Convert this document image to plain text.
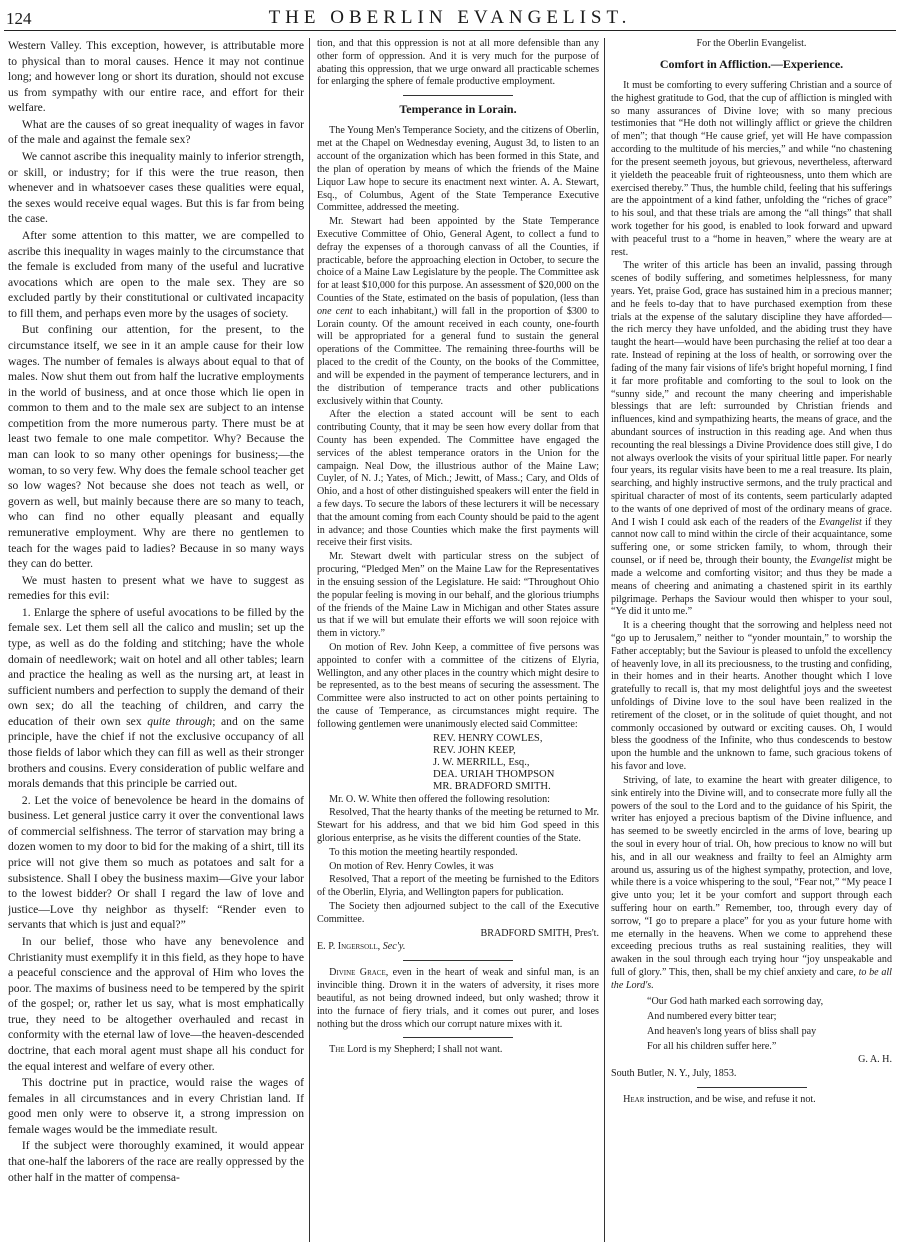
124	THE OBERLIN EVANGELIST.

Western Valley. This exception, however, is attributable more to physical than to moral causes. Hence it may not continue long; and however long or short its duration, should not excuse us from sympathy with our entire race, and effort for their welfare.

What are the causes of so great inequality of wages in favor of the male and against the female sex?

We cannot ascribe this inequality mainly to inferior strength, or skill, or industry; for if this were the true reason, then whenever and in whatsoever cases these qualities were equal, the sexes would receive equal wages. But this is far from being the case.

After some attention to this matter, we are compelled to ascribe this inequality in wages mainly to the circumstance that the female is excluded from many of the useful and lucrative avocations which are open to the male sex. They are so excluded partly by their constitutional or cultivated incapacity to fill them, and perhaps even more by the usages of society.

But confining our attention, for the present, to the circumstance itself, we see in it an ample cause for their low wages. The number of females is always about equal to that of males. Now shut them out from half the lucrative employments in the world of business, and at once those which lie open in common to them and to the male sex are subject to an intense competition from the more numerous party. There must be at least two female to one male competitor. Why? Because the man can look to so many other openings for business;—the woman, to so very few. Why does the female school teacher get so low wages? Not because she does not teach as well, or govern as well, but mainly because there are so many to teach, who can find no other equally pleasant and equally remunerative employment. Why are there no gentlemen to teach for the wages paid to ladies? Because in so many ways they can do better.

We must hasten to present what we have to suggest as remedies for this evil:

1. Enlarge the sphere of useful avocations to be filled by the female sex. Let them sell all the calico and muslin; set up the type, as well as do the folding and stitching; have the whole domain of needlework; wait on hotel and all other tables; learn and practice the healing as well as the nursing art, at least in sufficient numbers and perfection to supply the demand of their own sex; do all the teaching of children, and carry the education of their own sex quite through; and on the same principle, have the chief if not the exclusive occupancy of all those fields of labor which they can fill as well as their stronger brothers and cousins. Every consideration of public welfare and morals demands that this principle be carried out.

2. Let the voice of benevolence be heard in the domains of business. Let general justice carry it over the conventional laws of commercial selfishness. The terror of starvation may bring a dozen women to my door to bid for the making of a shirt, till its price will not give them so much as potatoes and salt for a subsistence. Shall I obey the business maxim—Give your labor to the lowest bidder? Or shall I regard the law of love and justice—Love thy neighbor as thyself: “Render even to servants that which is just and equal?”

In our belief, those who have any benevolence and Christianity must exemplify it in this field, as they hope to have a peaceful conscience and the approval of Him who loves the poor. The maxims of business need to be tempered by the spirit of the gospel; or, rather let us say, what is most emphatically true, they need to be altogether overhauled and recast in conformity with the eternal law of love—the heaven-descended doctrine, that each moral agent must shape all his conduct for the equal interest and welfare of every other.

This doctrine put in practice, would raise the wages of females in all circumstances and in every Christian land. If good men only were to observe it, a strong impression on female wages would be the immediate result.

If the subject were thoroughly examined, it would appear that one-half the laborers of the race are really oppressed by the other half in the matter of compensa-

tion, and that this oppression is not at all more defensible than any other form of oppression. And it is very much for the purpose of abating this oppression, that we urge onward all practicable schemes for enlarging the sphere of female productive employment.

Temperance in Lorain.

The Young Men's Temperance Society, and the citizens of Oberlin, met at the Chapel on Wednesday evening, August 3d, to listen to an account of the organization which has been formed in this State, and the plan of operation by means of which the friends of the Maine Liquor Law hope to secure its enactment next winter. A. A. Stewart, Esq., of Columbus, Agent of the State Temperance Executive Committee, addressed the meeting.

Mr. Stewart had been appointed by the State Temperance Executive Committee of Ohio, General Agent, to collect a fund to defray the expenses of a thorough canvass of all the Counties, if practicable, before the approaching election in October, to secure the choice of a Maine Law Legislature by the people. The Committee ask for at least $10,000 for this purpose. An assessment of $20,000 on the Counties of the State, estimated on the basis of population, (less than one cent to each inhabitant,) will fall in the proportion of $300 to Lorain county. Of the amount received in each county, one-fourth will be appropriated for a general fund to sustain the general operations of the Committee. The remaining three-fourths will be placed to the credit of the County, on the books of the Committee, and will be expended in the payment of temperance lecturers, and in the distribution of temperance tracts and other publications exclusively within that County.

After the election a stated account will be sent to each contributing County, that it may be seen how every dollar from that County has been expended. The Committee have engaged the services of the ablest temperance orators in the Union for the campaign. Neal Dow, the illustrious author of the Maine Law; Cuyler, of N. J.; Yates, of Mich.; Jewitt, of Mass.; Cary, and Olds of Ohio, and a host of other distinguished speakers will enter the field in a few days. To secure the labors of these lecturers it will be necessary that the amount coming from each County should be paid to the agent in advance; and those Counties which make the first payments will receive their first visits.

Mr. Stewart dwelt with particular stress on the subject of procuring, “Pledged Men” on the Maine Law for the Representatives in the ensuing session of the Legislature. He said: “Throughout Ohio the popular feeling is moving in our behalf, and the glorious triumphs of the friends of the Maine Law in Michigan and other States assure us that if we will but emulate their efforts we will soon rejoice with them in victory.”

On motion of Rev. John Keep, a committee of five persons was appointed to confer with a committee of the citizens of Elyria, Wellington, and any other places in the country which might desire to be represented, as to the best means of securing the assessment. The Committee were also instructed to act on other points pertaining to the cause of Temperance, as circumstances might require. The following gentlemen were unanimously elected said Committee:

REV. HENRY COWLES,
REV. JOHN KEEP,
J. W. MERRILL, Esq.,
DEA. URIAH THOMPSON
MR. BRADFORD SMITH.

Mr. O. W. White then offered the following resolution:

Resolved, That the hearty thanks of the meeting be returned to Mr. Stewart for his address, and that we bid him God speed in this glorious enterprise, as he visits the different counties of the State.

To this motion the meeting heartily responded.

On motion of Rev. Henry Cowles, it was

Resolved, That a report of the meeting be furnished to the Editors of the Oberlin, Elyria, and Wellington papers for publication.

The Society then adjourned subject to the call of the Executive Committee.

BRADFORD SMITH, Pres't.

E. P. Ingersoll, Sec'y.

Divine Grace, even in the heart of weak and sinful man, is an invincible thing. Drown it in the waters of adversity, it rises more beautiful, as not being drowned indeed, but only washed; throw it into the furnace of fiery trials, and it comes out purer, and loses nothing but the dross which our corrupt nature mixes with it.

The Lord is my Shepherd; I shall not want.

For the Oberlin Evangelist.

Comfort in Affliction.—Experience.

It must be comforting to every suffering Christian and a source of the highest gratitude to God, that the cup of affliction is mingled with so many assurances of Divine love; with so many precious testimonies that “He doth not willingly afflict or grieve the children of men”; that though “He cause grief, yet will He have compassion according to the multitude of his mercies,” and while “no chastening for the present seemeth joyous, but grievous, nevertheless, afterward it yieldeth the peaceable fruit of righteousness, unto them which are exercised thereby.” Thus, the humble child, feeling that his sufferings are the appointment of a kind father, unfolding the “riches of grace” to his soul, and that these trials are among the “all things” that shall work together for his good, is enabled to look forward and upward with peaceful trust to a “home in heaven,” where the weary are at rest.

The writer of this article has been an invalid, passing through scenes of bodily suffering, and sometimes helplessness, for many years. Yet, praise God, grace has sustained him in a precious manner; and he feels to-day that to have purchased exemption from these trials at the expense of the salutary discipline they have afforded—the rich mercy they have unfolded, and the abiding trust they have taught the heart—would have been purchasing the relief at too dear a rate. Instead of repining at the loss of health, or sorrowing over the fading of the many fair visions of life's bright hopeful morning, I find it far more profitable and comforting to the soul to look on the “sunny side,” and recount the many cheering and imperishable blessings that are left: surrounded by Christian friends and influences, kind and sympathizing hearts, the means of grace, and the abundant sources of instruction in this reading age. And when thus recounting the real blessings a Divine Providence does still give, I do not always overlook the visits of your spiritual little paper. For nearly four years, its regular visits have been to me a real treasure. Its plain, searching, and highly instructive sermons, and the truly practical and spiritual character of most of its contents, seem particularly adapted to the wants of one deprived of most of the ordinary means of grace. And I wish I could ask each of the readers of the Evangelist if they cannot now call to mind within the circle of their acquaintance, some suffering one, or some stricken family, to whom, through their counsel, or if need be, through their bounty, the Evangelist might be made a welcome and comforting visitor; and thus they be made a means of cheering and animating a chastened spirit in its earthly pilgrimage. Perhaps the Saviour would then whisper to your soul, “Ye did it unto me.”

It is a cheering thought that the sorrowing and helpless need not “go up to Jerusalem,” neither to “yonder mountain,” to worship the Father acceptably; but the Saviour is pleased to unfold the excellency of heavenly love, in all its preciousness, to the trusting and confiding, in their homes and in their hearts. Another thought which I love gratefully to recall is, that my most delightful joys and the sweetest unfoldings of Divine love to the soul have been realized in the retirement of the closet, or in the solitude of quiet thought, and not commonly occasioned by outward or exciting causes. Oh, I would bless the goodness of the Infinite, who thus condescends to bestow upon the humble and the unknown to fame, such gracious tokens of his favor and love.

Striving, of late, to examine the heart with greater diligence, to sink entirely into the Divine will, and to consecrate more fully all the powers of the soul to the Lord and to the guidance of his Spirit, the writer has enjoyed a precious baptism of the Divine influence, and has seemed to be sweetly encircled in the arms of love, bearing up the soul in every hour of trial. Oh, how precious to know no will but his, and in all our weakness and frailty to feel an Almighty arm around us, assuring us of the highest sympathy, protection, and love, while there is a voice whispering to the soul, “Fear not,” “My peace I give unto you; let it be your comfort and support through each suffering hour on earth.” Remember, too, through every day of sorrow, “I go to prepare a place” for you as your future home with me eternally in the heavens. When we come to apprehend these exceeding precious truths as real sustaining realities, they will awaken in the soul through each trying hour “joy unspeakable and full of glory.” This, then, shall be my chief anxiety and care, to be all the Lord's.

“Our God hath marked each sorrowing day,
And numbered every bitter tear;
And heaven's long years of bliss shall pay
For all his children suffer here.”

G. A. H.

South Butler, N. Y., July, 1853.

Hear instruction, and be wise, and refuse it not.
